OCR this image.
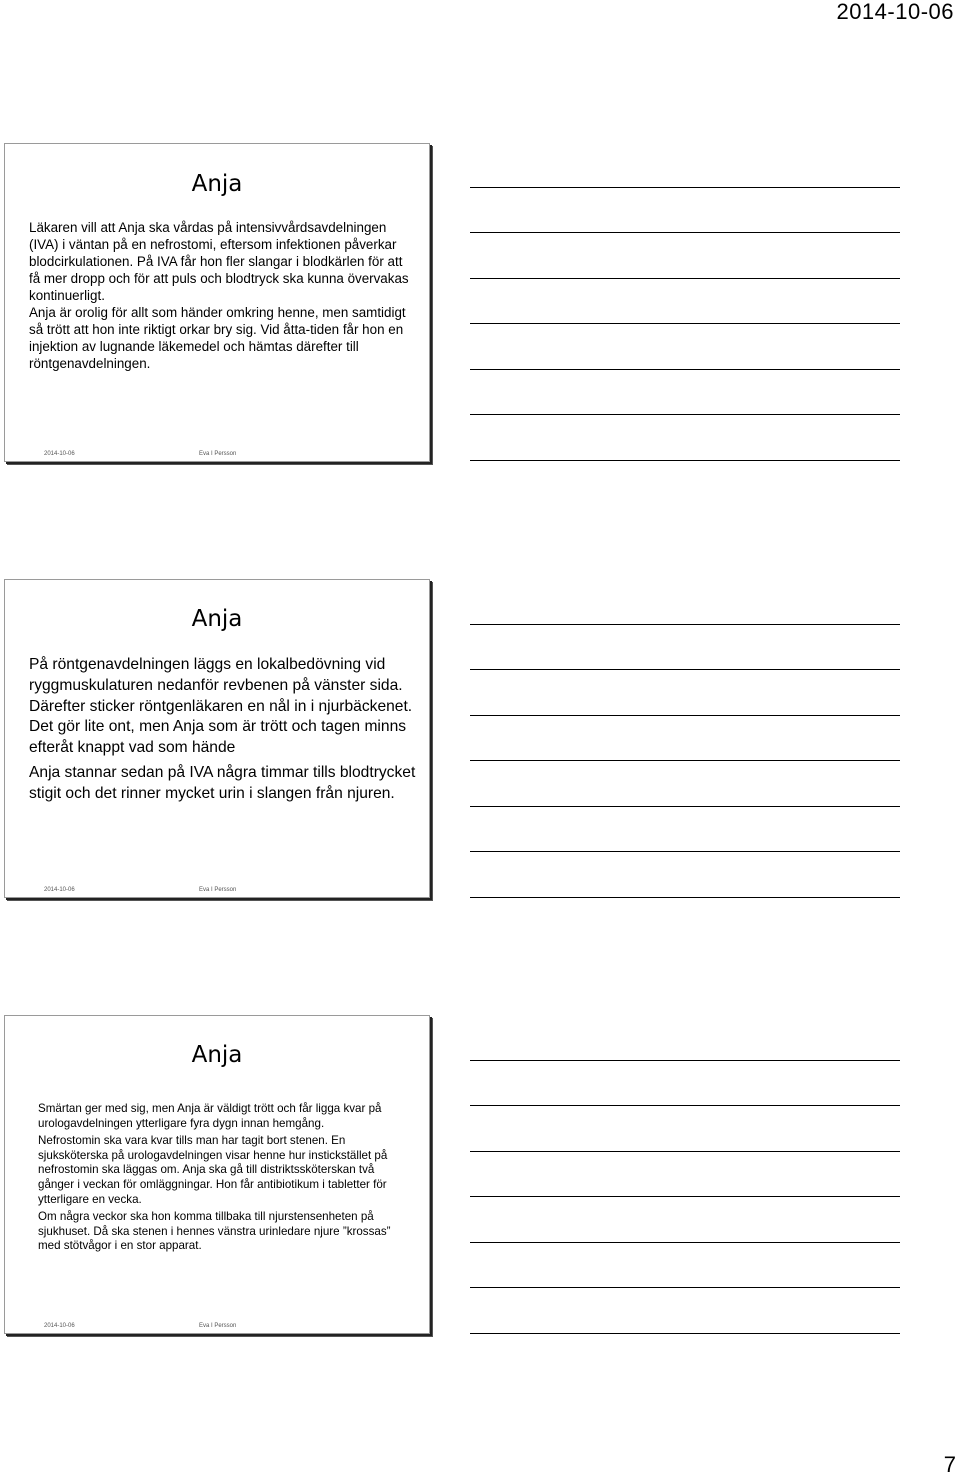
2014-10-06
Anja

Läkaren vill att Anja ska vårdas på intensivvårdsavdelningen (IVA) i väntan på en nefrostomi, eftersom infektionen påverkar blodcirkulationen. På IVA får hon fler slangar i blodkärlen för att få mer dropp och för att puls och blodtryck ska kunna övervakas kontinuerligt.

Anja är orolig för allt som händer omkring henne, men samtidigt så trött att hon inte riktigt orkar bry sig. Vid åtta-tiden får hon en injektion av lugnande läkemedel och hämtas därefter till röntgenavdelningen.

2014-10-06	Eva I Persson
Anja

På röntgenavdelningen läggs en lokalbedövning vid ryggmuskulaturen nedanför revbenen på vänster sida. Därefter sticker röntgenläkaren en nål in i njurbäckenet. Det gör lite ont, men Anja som är trött och tagen minns efteråt knappt vad som hände

Anja stannar sedan på IVA några timmar tills blodtrycket stigit och det rinner mycket urin i slangen från njuren.

2014-10-06	Eva I Persson
Anja

Smärtan ger med sig, men Anja är väldigt trött och får ligga kvar på urologavdelningen ytterligare fyra dygn innan hemgång.

Nefrostomin ska vara kvar tills man har tagit bort stenen. En sjuksköterska på urologavdelningen visar henne hur instickstället på nefrostomin ska läggas om. Anja ska gå till distriktssköterskan två gånger i veckan för omläggningar. Hon får antibiotikum i tabletter för ytterligare en vecka.

Om några veckor ska hon komma tillbaka till njurstensenheten på sjukhuset. Då ska stenen i hennes vänstra urinledare njure ”krossas” med stötvågor i en stor apparat.

2014-10-06	Eva I Persson
7
